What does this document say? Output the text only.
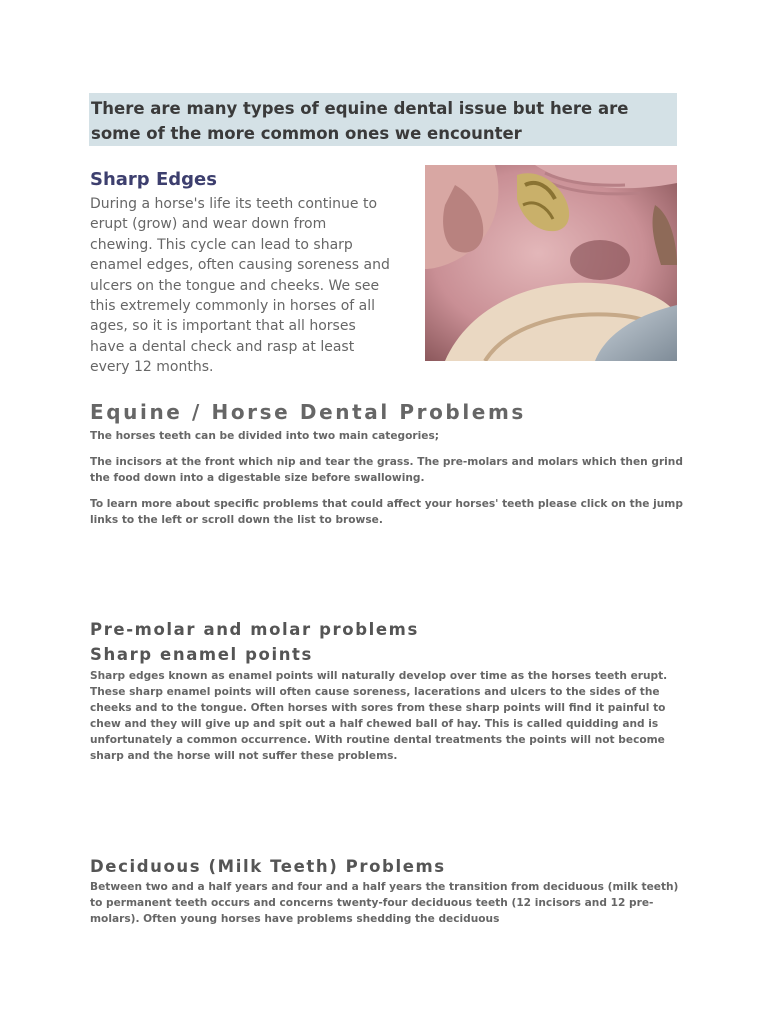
There are many types of equine dental issue but here are some of the more common ones we encounter

Sharp Edges

During a horse's life its teeth continue to erupt (grow) and wear down from chewing. This cycle can lead to sharp enamel edges, often causing soreness and ulcers on the tongue and cheeks. We see this extremely commonly in horses of all ages, so it is important that all horses have a dental check and rasp at least every 12 months.

Equine / Horse Dental Problems

The horses teeth can be divided into two main categories;

The incisors at the front which nip and tear the grass. The pre-molars and molars which then grind the food down into a digestable size before swallowing.

To learn more about specific problems that could affect your horses' teeth please click on the jump links to the left or scroll down the list to browse.

Pre-molar and molar problems
Sharp enamel points

Sharp edges known as enamel points will naturally develop over time as the horses teeth erupt. These sharp enamel points will often cause soreness, lacerations and ulcers to the sides of the cheeks and to the tongue. Often horses with sores from these sharp points will find it painful to chew and they will give up and spit out a half chewed ball of hay. This is called quidding and is unfortunately a common occurrence. With routine dental treatments the points will not become sharp and the horse will not suffer these problems.

Deciduous (Milk Teeth) Problems

Between two and a half years and four and a half years the transition from deciduous (milk teeth) to permanent teeth occurs and concerns twenty-four deciduous teeth (12 incisors and 12 pre-molars). Often young horses have problems shedding the deciduous
